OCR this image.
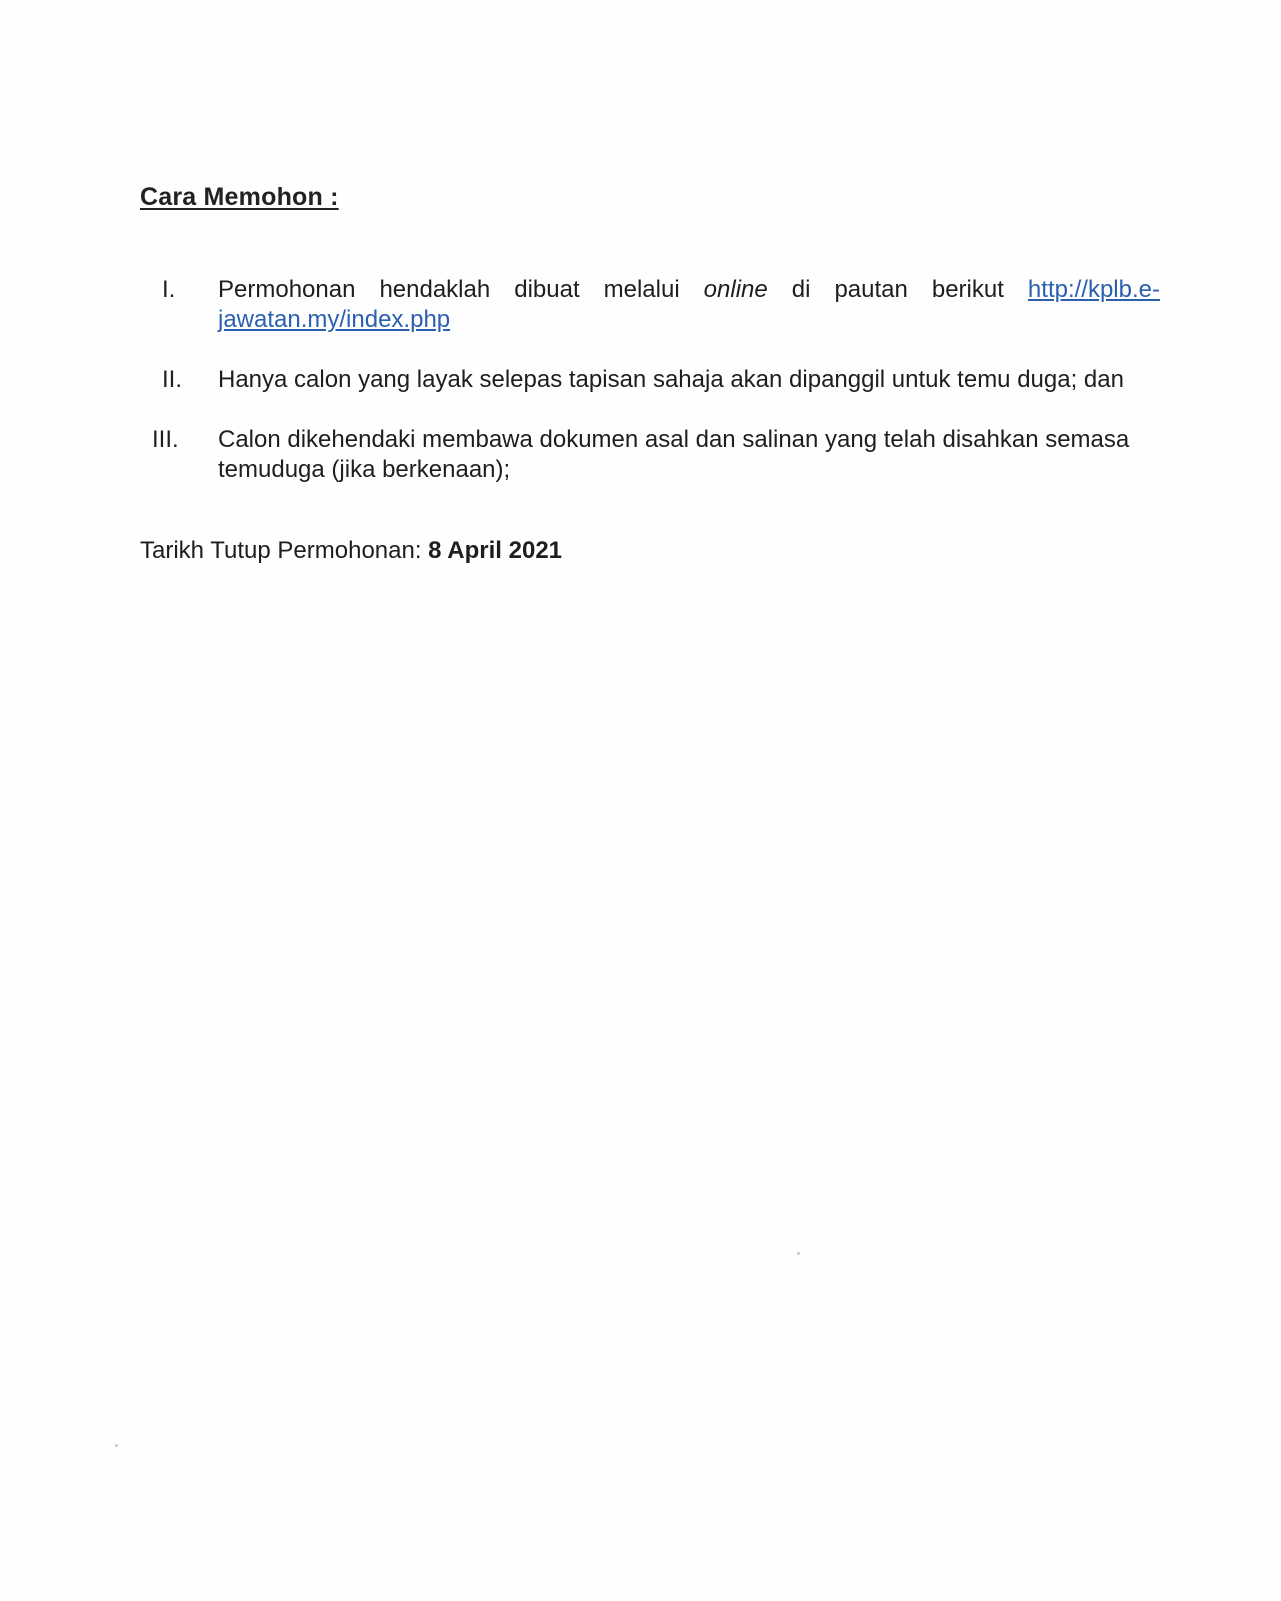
Cara Memohon :
I.	Permohonan hendaklah dibuat melalui online di pautan berikut http://kplb.e-jawatan.my/index.php
II.	Hanya calon yang layak selepas tapisan sahaja akan dipanggil untuk temu duga; dan
III.	Calon dikehendaki membawa dokumen asal dan salinan yang telah disahkan semasa temuduga (jika berkenaan);
Tarikh Tutup Permohonan: 8 April 2021
